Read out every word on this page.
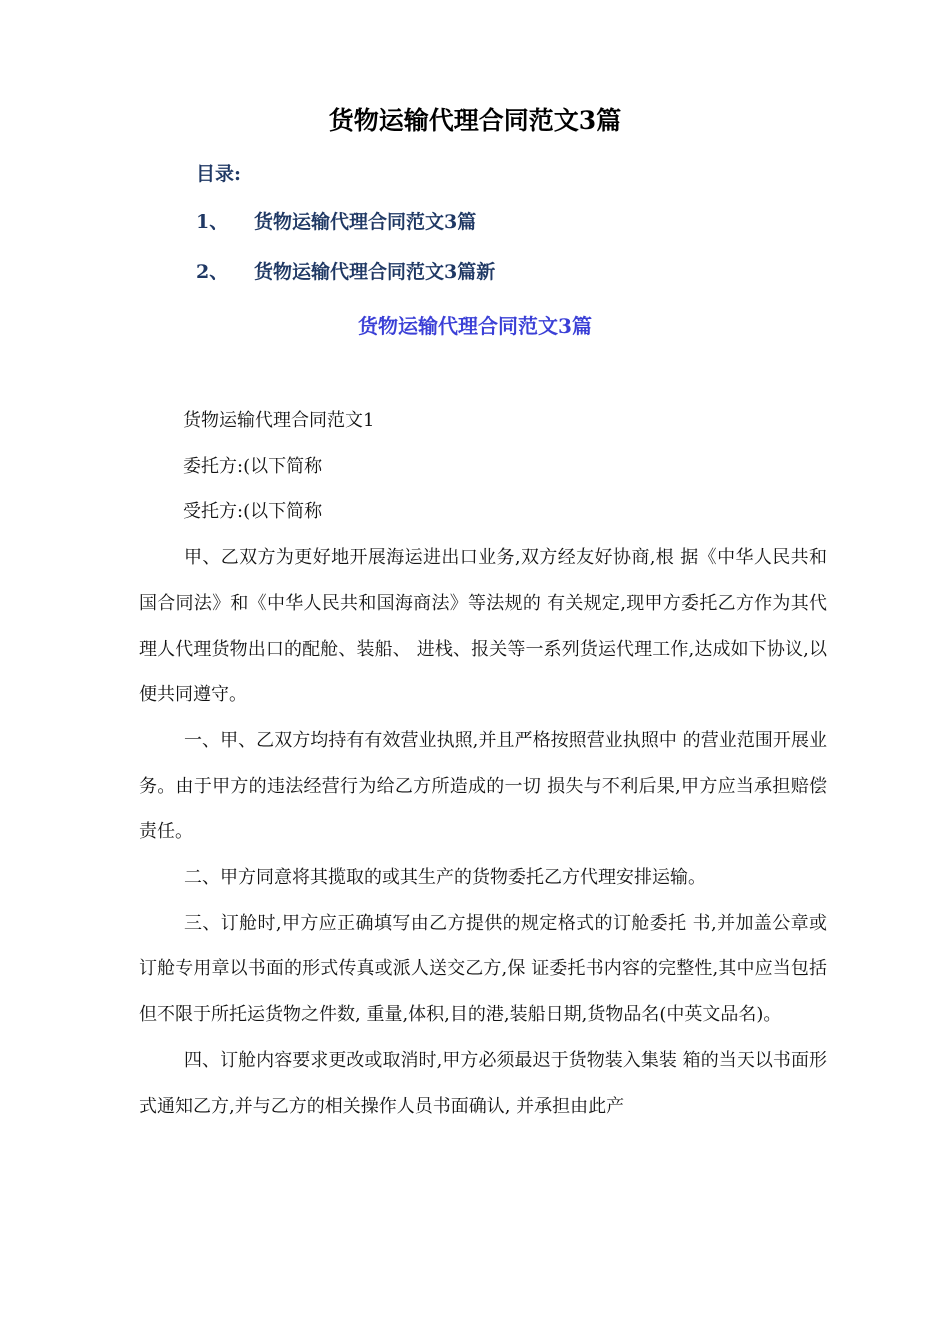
货物运输代理合同范文3篇
目录:
1、 货物运输代理合同范文3篇
2、 货物运输代理合同范文3篇新
货物运输代理合同范文3篇

货物运输代理合同范文1

委托方:(以下简称

受托方:(以下简称

甲、乙双方为更好地开展海运进出口业务,双方经友好协商,根 据《中华人民共和国合同法》和《中华人民共和国海商法》等法规的 有关规定,现甲方委托乙方作为其代理人代理货物出口的配舱、装船、 进栈、报关等一系列货运代理工作,达成如下协议,以便共同遵守。

一、甲、乙双方均持有有效营业执照,并且严格按照营业执照中 的营业范围开展业务。由于甲方的违法经营行为给乙方所造成的一切 损失与不利后果,甲方应当承担赔偿责任。

二、甲方同意将其揽取的或其生产的货物委托乙方代理安排运输。

三、订舱时,甲方应正确填写由乙方提供的规定格式的订舱委托 书,并加盖公章或订舱专用章以书面的形式传真或派人送交乙方,保 证委托书内容的完整性,其中应当包括但不限于所托运货物之件数, 重量,体积,目的港,装船日期,货物品名(中英文品名)。

四、订舱内容要求更改或取消时,甲方必须最迟于货物装入集装 箱的当天以书面形式通知乙方,并与乙方的相关操作人员书面确认, 并承担由此产
